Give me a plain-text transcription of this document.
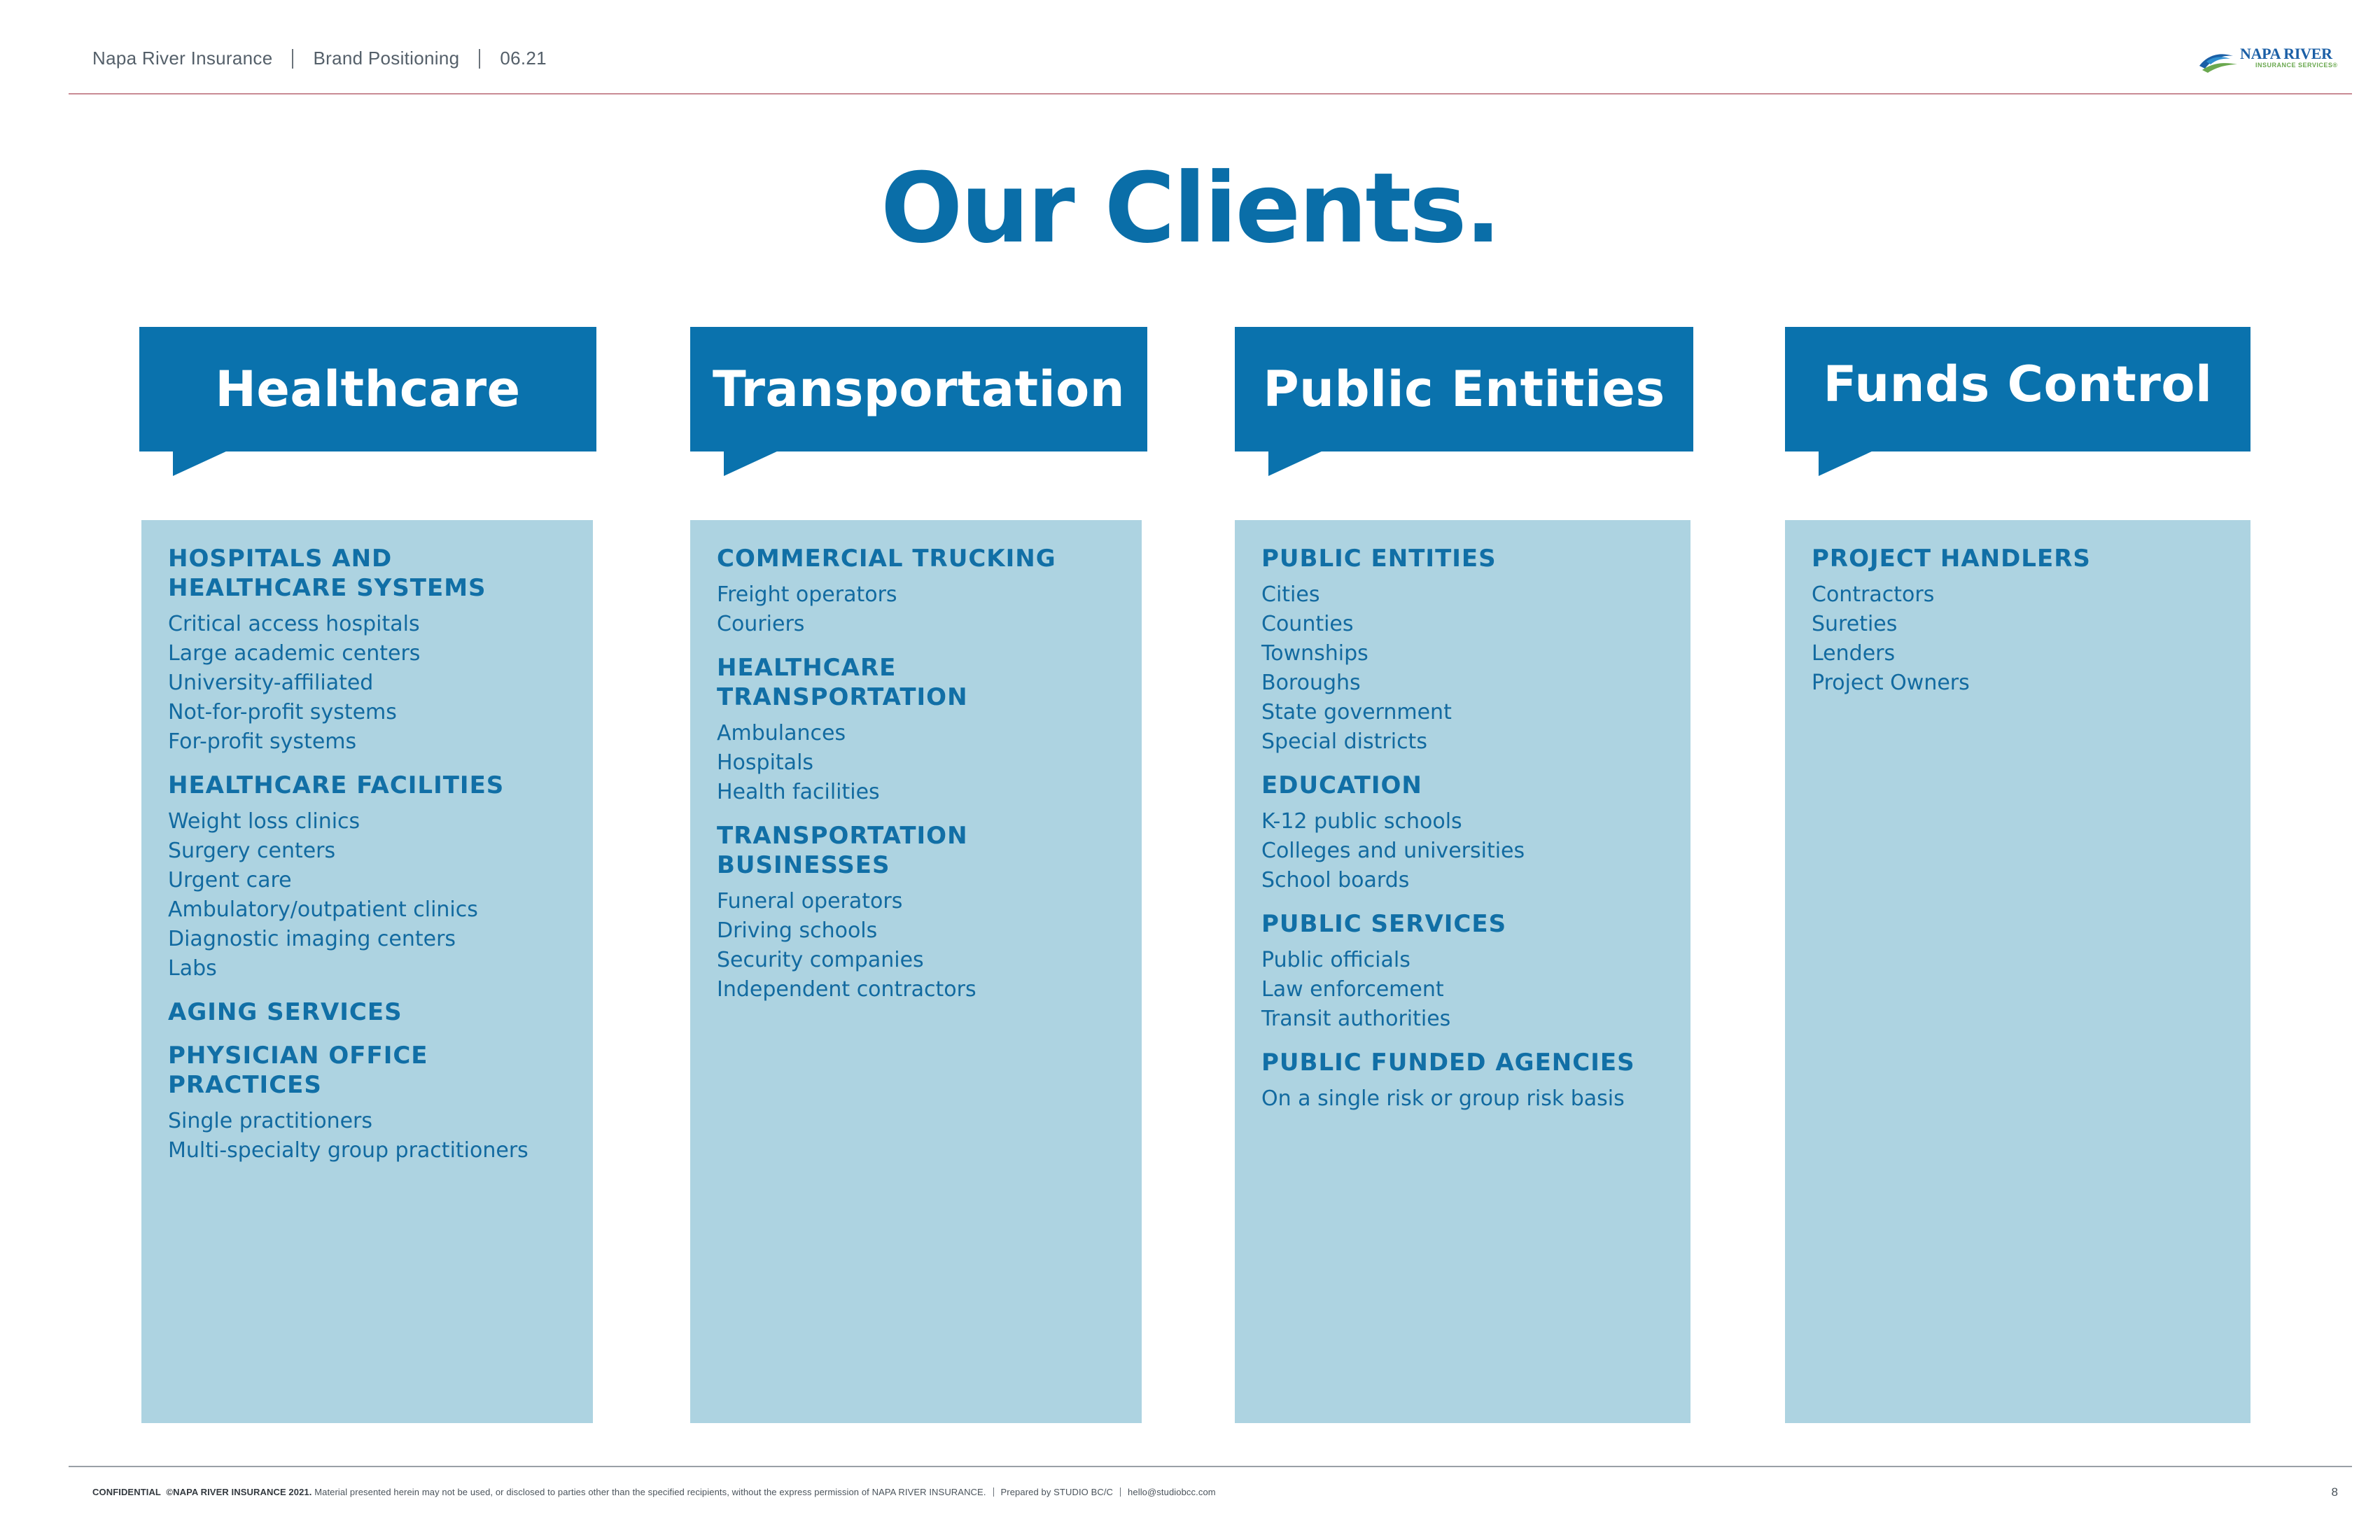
Napa River Insurance Brand Positioning 06.21	NAPA RIVER
INSURANCE SERVICES®
Our Clients.
Healthcare	Transportation	Public Entities	Funds Control
HOSPITALS AND HEALTHCARE SYSTEMS
Critical access hospitals
Large academic centers
University-affiliated
Not-for-profit systems
For-profit systems
HEALTHCARE FACILITIES
Weight loss clinics
Surgery centers
Urgent care
Ambulatory/outpatient clinics
Diagnostic imaging centers
Labs
AGING SERVICES
PHYSICIAN OFFICE PRACTICES
Single practitioners
Multi-specialty group practitioners
COMMERCIAL TRUCKING
Freight operators
Couriers
HEALTHCARE TRANSPORTATION
Ambulances
Hospitals
Health facilities
TRANSPORTATION BUSINESSES
Funeral operators
Driving schools
Security companies
Independent contractors
PUBLIC ENTITIES
Cities
Counties
Townships
Boroughs
State government
Special districts
EDUCATION
K-12 public schools
Colleges and universities
School boards
PUBLIC SERVICES
Public officials
Law enforcement
Transit authorities
PUBLIC FUNDED AGENCIES
On a single risk or group risk basis
PROJECT HANDLERS
Contractors
Sureties
Lenders
Project Owners
CONFIDENTIAL ©NAPA RIVER INSURANCE 2021. Material presented herein may not be used, or disclosed to parties other than the specified recipients, without the express permission of NAPA RIVER INSURANCE. Prepared by STUDIO BC/C hello@studiobcc.com	8
